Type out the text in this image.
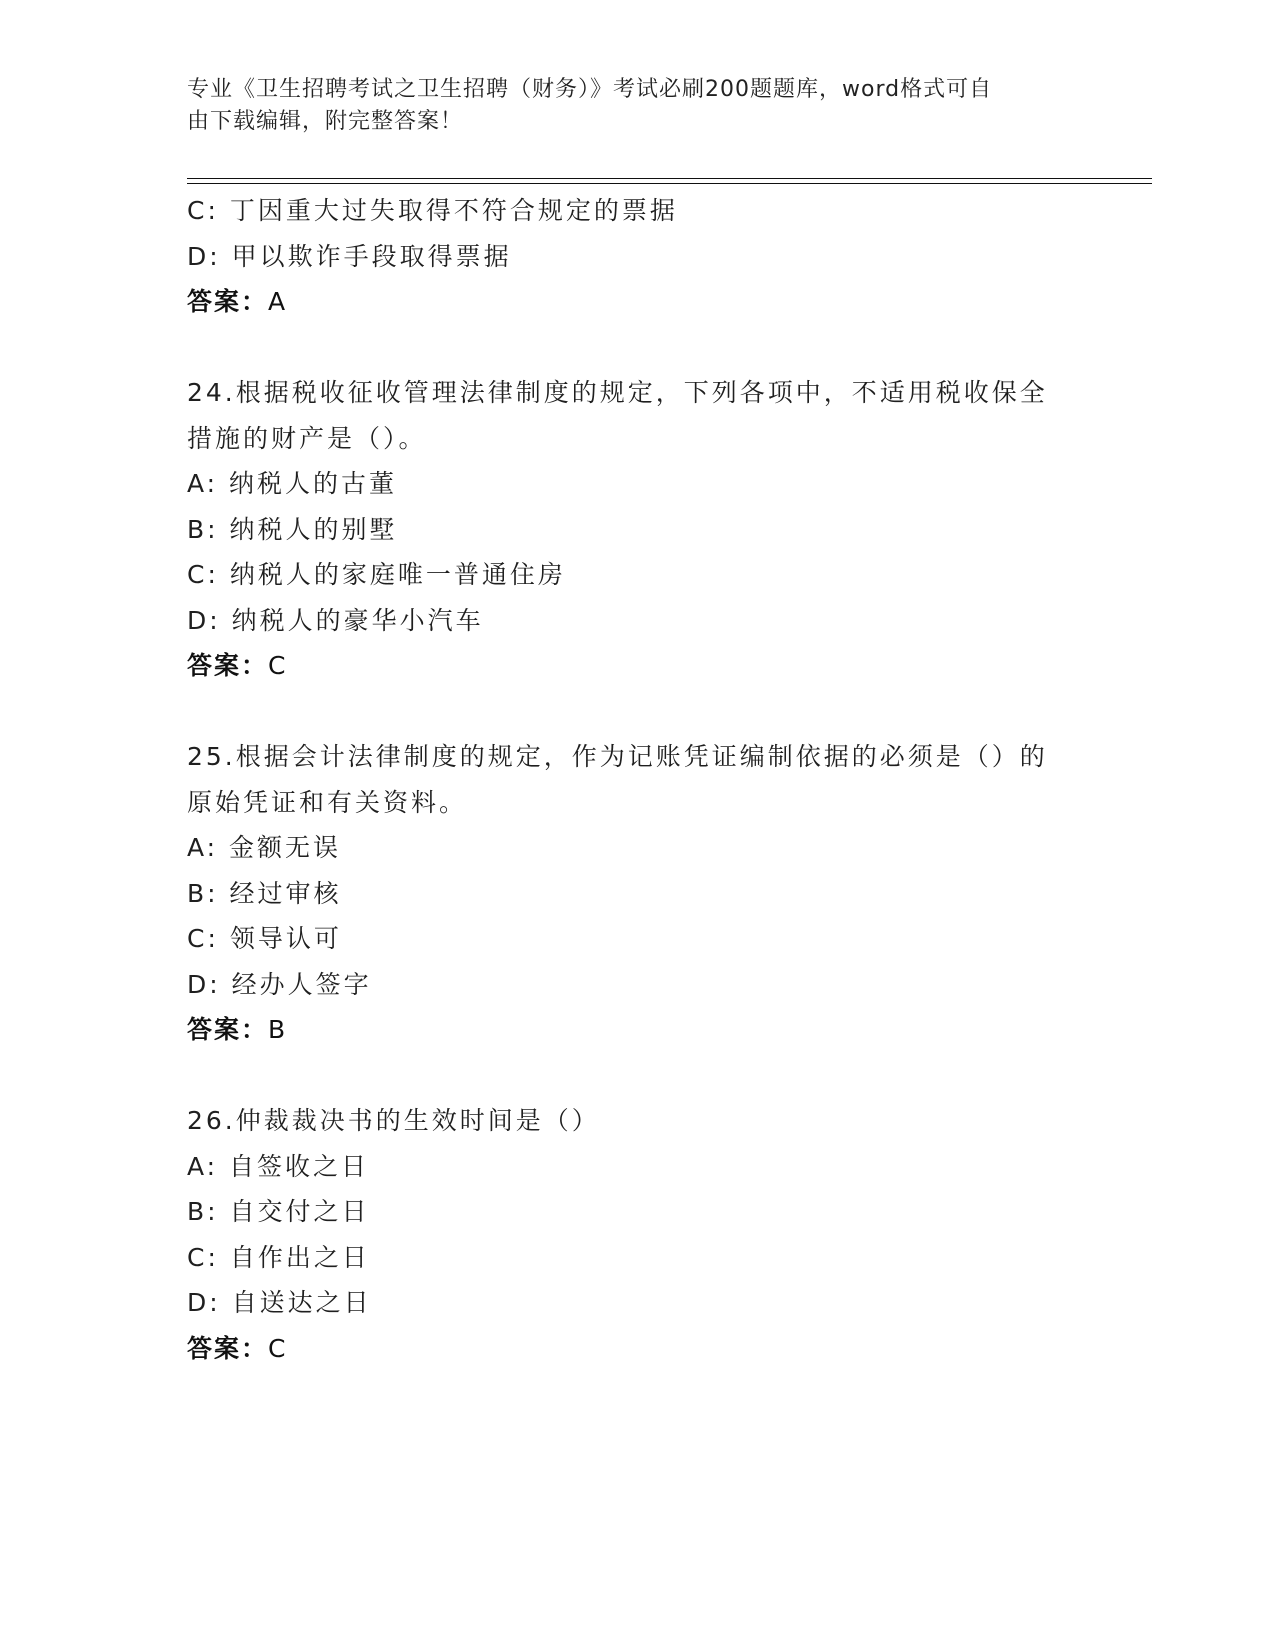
专业《卫生招聘考试之卫生招聘（财务）》考试必刷200题题库，word格式可自
由下载编辑，附完整答案！
C: 丁因重大过失取得不符合规定的票据
D: 甲以欺诈手段取得票据
答案：A
24.根据税收征收管理法律制度的规定，下列各项中，不适用税收保全
措施的财产是（）。
A: 纳税人的古董
B: 纳税人的别墅
C: 纳税人的家庭唯一普通住房
D: 纳税人的豪华小汽车
答案：C
25.根据会计法律制度的规定，作为记账凭证编制依据的必须是（）的
原始凭证和有关资料。
A: 金额无误
B: 经过审核
C: 领导认可
D: 经办人签字
答案：B
26.仲裁裁决书的生效时间是（）
A: 自签收之日
B: 自交付之日
C: 自作出之日
D: 自送达之日
答案：C
